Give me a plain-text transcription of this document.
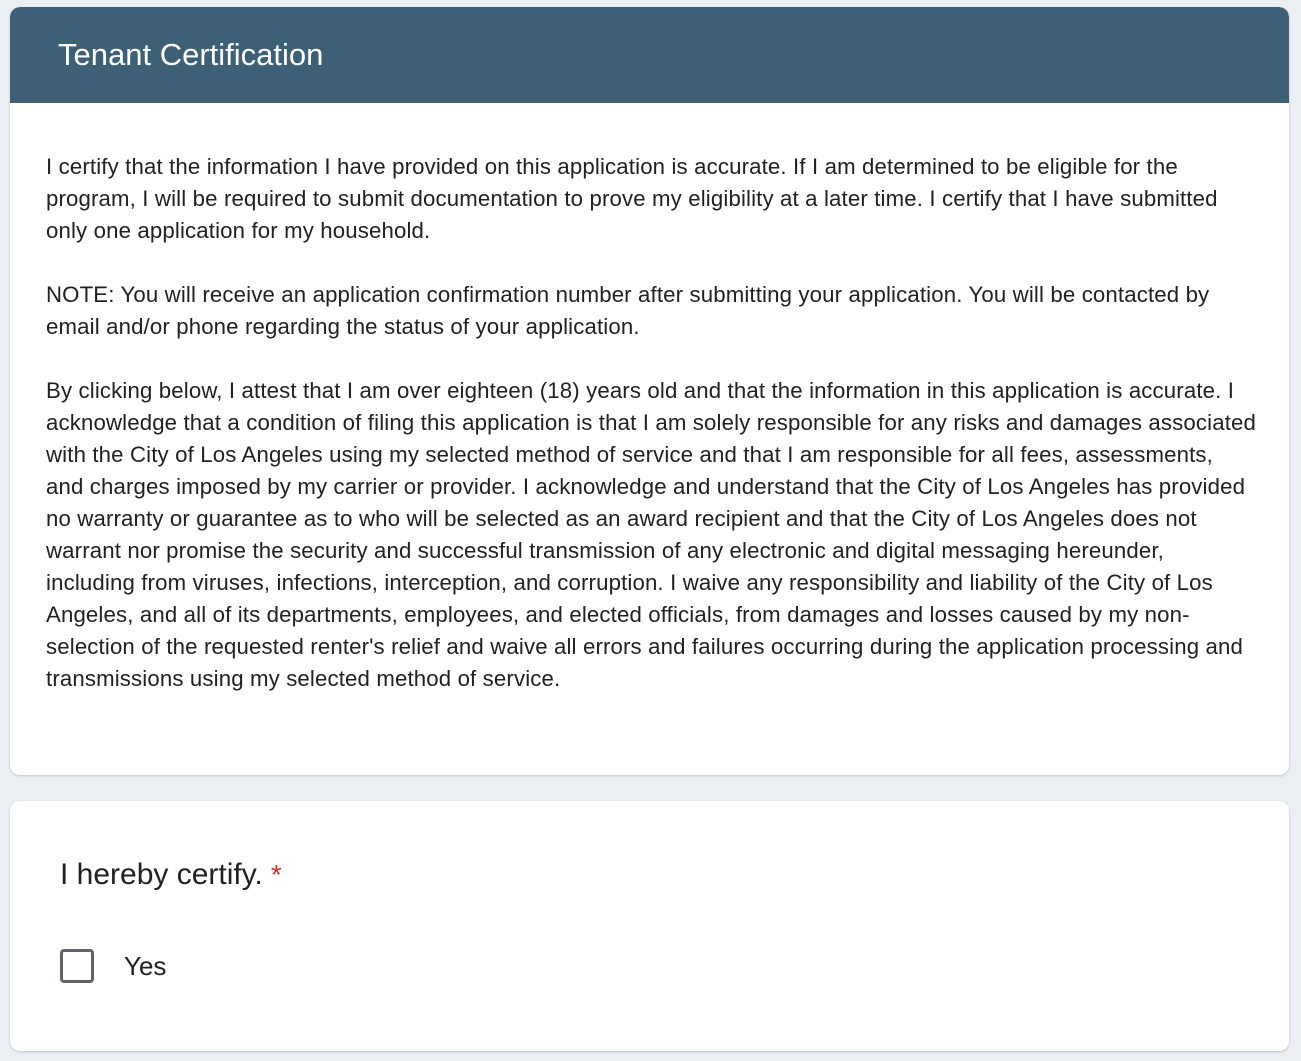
Tenant Certification

I certify that the information I have provided on this application is accurate. If I am determined to be eligible for the program, I will be required to submit documentation to prove my eligibility at a later time. I certify that I have submitted only one application for my household.

NOTE: You will receive an application confirmation number after submitting your application. You will be contacted by email and/or phone regarding the status of your application.

By clicking below, I attest that I am over eighteen (18) years old and that the information in this application is accurate. I acknowledge that a condition of filing this application is that I am solely responsible for any risks and damages associated with the City of Los Angeles using my selected method of service and that I am responsible for all fees, assessments, and charges imposed by my carrier or provider. I acknowledge and understand that the City of Los Angeles has provided no warranty or guarantee as to who will be selected as an award recipient and that the City of Los Angeles does not warrant nor promise the security and successful transmission of any electronic and digital messaging hereunder, including from viruses, infections, interception, and corruption. I waive any responsibility and liability of the City of Los Angeles, and all of its departments, employees, and elected officials, from damages and losses caused by my non-selection of the requested renter's relief and waive all errors and failures occurring during the application processing and transmissions using my selected method of service.

I hereby certify. *
Yes
